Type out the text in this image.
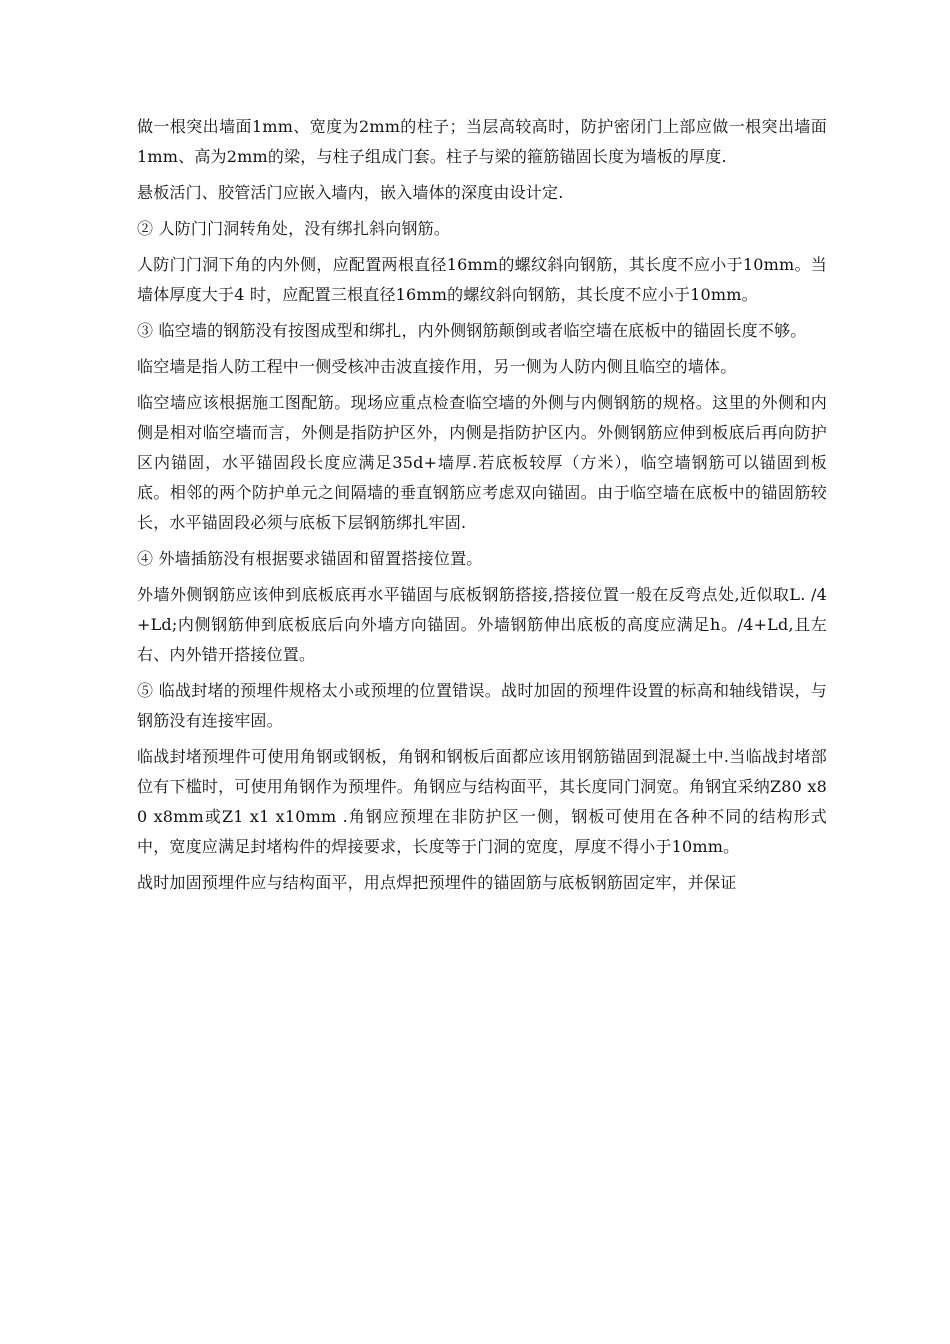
做一根突出墙面1mm、宽度为2mm的柱子；当层高较高时，防护密闭门上部应做一根突出墙面1mm、高为2mm的梁，与柱子组成门套。柱子与梁的箍筋锚固长度为墙板的厚度.

悬板活门、胶管活门应嵌入墙内，嵌入墙体的深度由设计定.

② 人防门门洞转角处，没有绑扎斜向钢筋。

人防门门洞下角的内外侧，应配置两根直径16mm的螺纹斜向钢筋，其长度不应小于10mm。当墙体厚度大于4 时，应配置三根直径16mm的螺纹斜向钢筋，其长度不应小于10mm。

③ 临空墙的钢筋没有按图成型和绑扎，内外侧钢筋颠倒或者临空墙在底板中的锚固长度不够。

临空墙是指人防工程中一侧受核冲击波直接作用，另一侧为人防内侧且临空的墙体。

临空墙应该根据施工图配筋。现场应重点检查临空墙的外侧与内侧钢筋的规格。这里的外侧和内侧是相对临空墙而言，外侧是指防护区外，内侧是指防护区内。外侧钢筋应伸到板底后再向防护区内锚固，水平锚固段长度应满足35d+墙厚.若底板较厚（方米），临空墙钢筋可以锚固到板底。相邻的两个防护单元之间隔墙的垂直钢筋应考虑双向锚固。由于临空墙在底板中的锚固筋较长，水平锚固段必须与底板下层钢筋绑扎牢固.

④ 外墙插筋没有根据要求锚固和留置搭接位置。

外墙外侧钢筋应该伸到底板底再水平锚固与底板钢筋搭接,搭接位置一般在反弯点处,近似取L. /4+Ld;内侧钢筋伸到底板底后向外墙方向锚固。外墙钢筋伸出底板的高度应满足h。/4+Ld,且左右、内外错开搭接位置。

⑤ 临战封堵的预埋件规格太小或预埋的位置错误。战时加固的预埋件设置的标高和轴线错误，与钢筋没有连接牢固。

临战封堵预埋件可使用角钢或钢板，角钢和钢板后面都应该用钢筋锚固到混凝土中.当临战封堵部位有下槛时，可使用角钢作为预埋件。角钢应与结构面平，其长度同门洞宽。角钢宜采纳Z80 x80 x8mm或Z1 x1 x10mm .角钢应预埋在非防护区一侧，钢板可使用在各种不同的结构形式中，宽度应满足封堵构件的焊接要求，长度等于门洞的宽度，厚度不得小于10mm。

战时加固预埋件应与结构面平，用点焊把预埋件的锚固筋与底板钢筋固定牢，并保证
